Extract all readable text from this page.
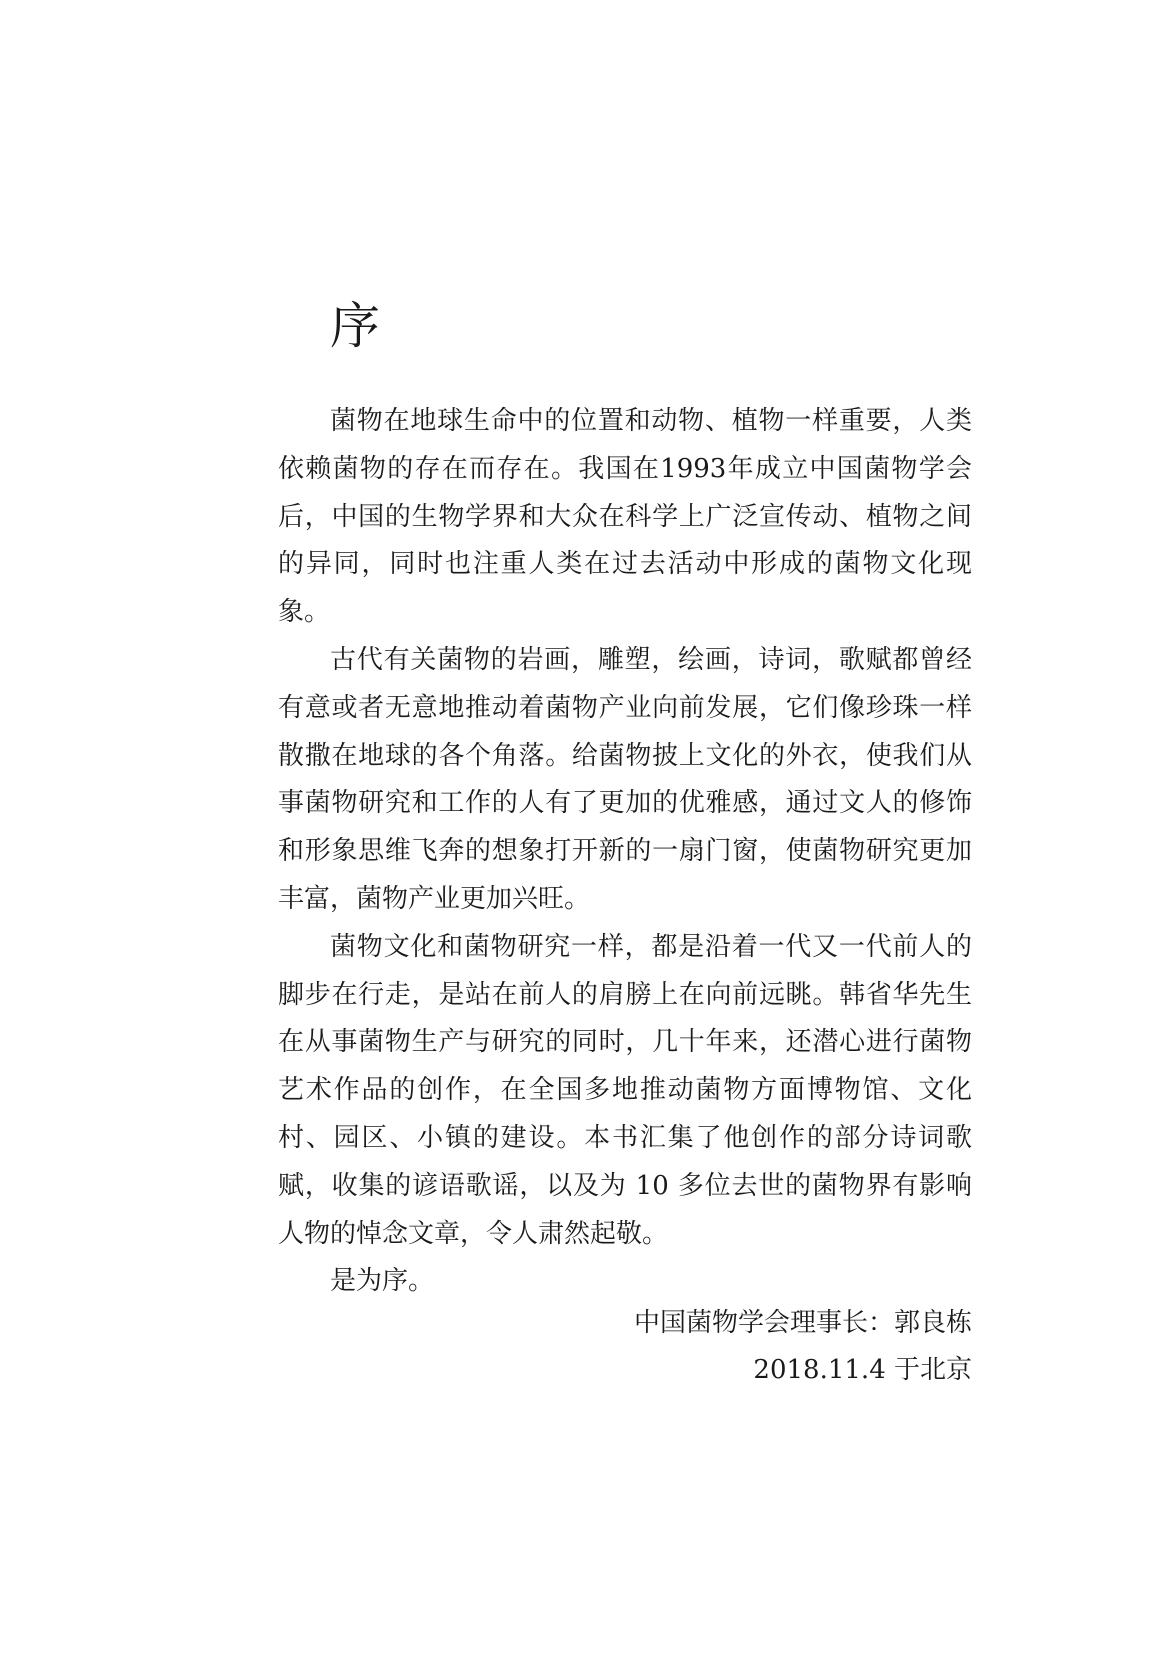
序

菌物在地球生命中的位置和动物、植物一样重要，人类依赖菌物的存在而存在。我国在1993年成立中国菌物学会后，中国的生物学界和大众在科学上广泛宣传动、植物之间的异同，同时也注重人类在过去活动中形成的菌物文化现象。

古代有关菌物的岩画，雕塑，绘画，诗词，歌赋都曾经有意或者无意地推动着菌物产业向前发展，它们像珍珠一样散撒在地球的各个角落。给菌物披上文化的外衣，使我们从事菌物研究和工作的人有了更加的优雅感，通过文人的修饰和形象思维飞奔的想象打开新的一扇门窗，使菌物研究更加丰富，菌物产业更加兴旺。

菌物文化和菌物研究一样，都是沿着一代又一代前人的脚步在行走，是站在前人的肩膀上在向前远眺。韩省华先生在从事菌物生产与研究的同时，几十年来，还潜心进行菌物艺术作品的创作，在全国多地推动菌物方面博物馆、文化村、园区、小镇的建设。本书汇集了他创作的部分诗词歌赋，收集的谚语歌谣，以及为 10 多位去世的菌物界有影响人物的悼念文章，令人肃然起敬。

是为序。

中国菌物学会理事长：郭良栋
2018.11.4 于北京
